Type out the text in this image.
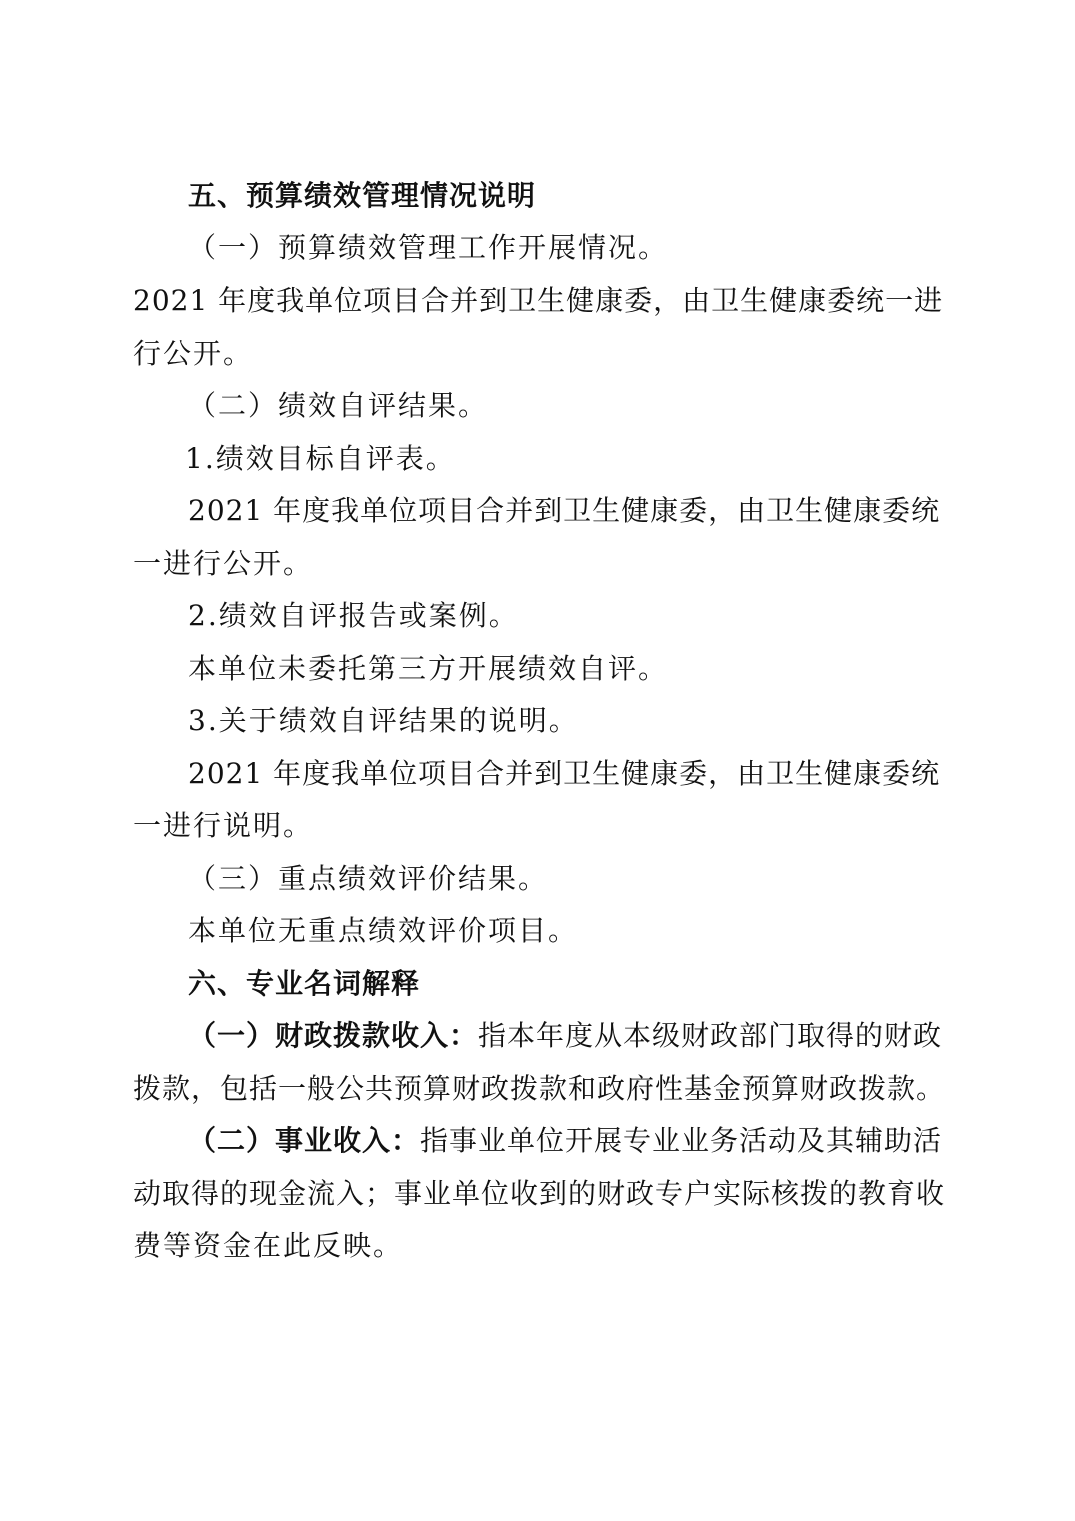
五、预算绩效管理情况说明
（一）预算绩效管理工作开展情况。
2021 年度我单位项目合并到卫生健康委，由卫生健康委统一进
行公开。
（二）绩效自评结果。
1.绩效目标自评表。
2021 年度我单位项目合并到卫生健康委，由卫生健康委统
一进行公开。
2.绩效自评报告或案例。
本单位未委托第三方开展绩效自评。
3.关于绩效自评结果的说明。
2021 年度我单位项目合并到卫生健康委，由卫生健康委统
一进行说明。
（三）重点绩效评价结果。
本单位无重点绩效评价项目。
六、专业名词解释
（一）财政拨款收入：指本年度从本级财政部门取得的财政
拨款，包括一般公共预算财政拨款和政府性基金预算财政拨款。
（二）事业收入：指事业单位开展专业业务活动及其辅助活
动取得的现金流入；事业单位收到的财政专户实际核拨的教育收
费等资金在此反映。
